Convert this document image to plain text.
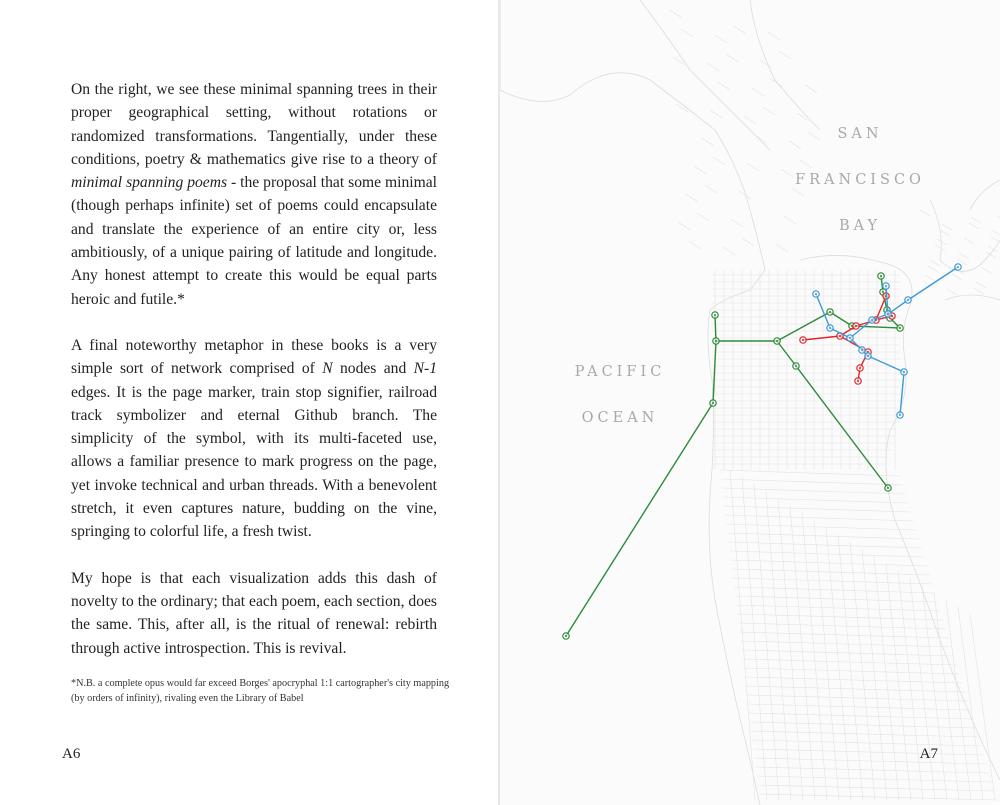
On the right, we see these minimal spanning trees in their proper geographical setting, without rotations or randomized transformations. Tangentially, under these conditions, poetry & mathematics give rise to a theory of minimal spanning poems - the proposal that some minimal (though perhaps infinite) set of poems could encapsulate and translate the experience of an entire city or, less ambitiously, of a unique pairing of latitude and longitude. Any honest attempt to create this would be equal parts heroic and futile.*

A final noteworthy metaphor in these books is a very simple sort of network comprised of N nodes and N-1 edges. It is the page marker, train stop signifier, railroad track symbolizer and eternal Github branch. The simplicity of the symbol, with its multi-faceted use, allows a familiar presence to mark progress on the page, yet invoke technical and urban threads. With a benevolent stretch, it even captures nature, budding on the vine, springing to colorful life, a fresh twist.

My hope is that each visualization adds this dash of novelty to the ordinary; that each poem, each section, does the same. This, after all, is the ritual of renewal: rebirth through active introspection. This is revival.

*N.B. a complete opus would far exceed Borges' apocryphal 1:1 cartographer's city mapping (by orders of infinity), rivaling even the Library of Babel
A6
SAN
FRANCISCO
BAY
PACIFIC
OCEAN
A7
